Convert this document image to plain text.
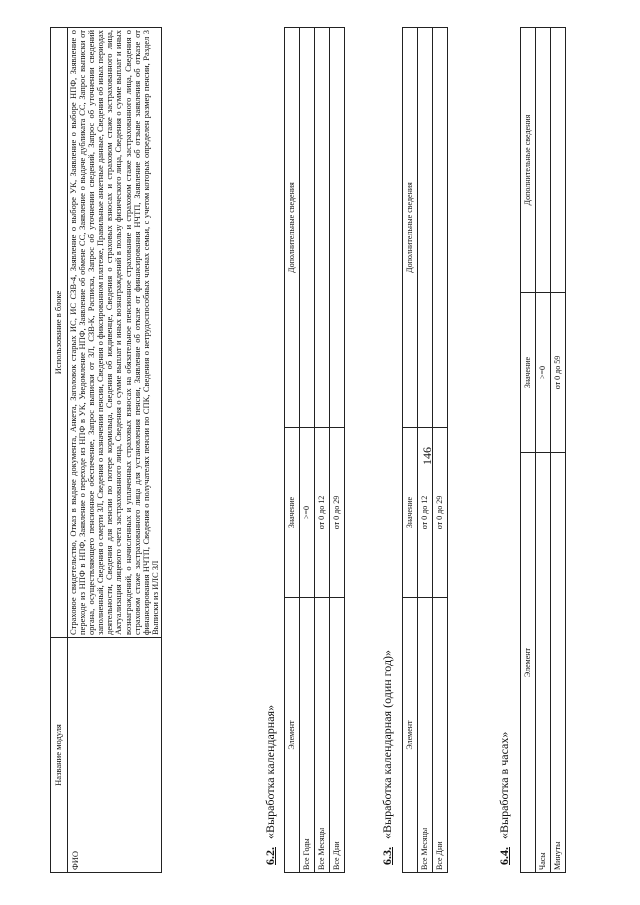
146
Название модуля	Использование в блоке
ФИО	Страховое свидетельство, Отказ в выдаче документа, Анкета, Заголовок старых ИС, ИС СЗВ-4, Заявление о выборе УК, Заявление о выборе НПФ, Заявление о переходе из НПФ в НПФ, Заявление о переходе из НПФ в УК, Уведомление НПФ, Заявление об обмене СС, Заявление о выдаче дубликата СС, Запрос выписки от органа, осуществляющего пенсионное обеспечение, Запрос выписки от ЗЛ, СЗВ-К, Расписка, Запрос об уточнении сведений, Запрос об уточнении сведений заполненный, Сведения о смерти ЗЛ, Сведения о назначении пенсии, Сведения о фиксированном платеже, Правильные анкетные данные, Сведения об иных периодах деятельности, Сведения для пенсии по потере кормильца, Сведения об иждивенце, Сведения о страховых взносах и страховом стаже застрахованного лица, Актуализация лицевого счета застрахованного лица, Сведения о сумме выплат и иных вознаграждений в пользу физического лица, Сведения о сумме выплат и иных вознаграждений, о начисленных и уплаченных страховых взносах на обязательное пенсионное страхование и страховом стаже застрахованного лица, Сведения о страховом стаже застрахованного лица для установления пенсии, Заявление об отказе от финансирования НЧТП, Заявление об отзыве заявления об отказе от финансирования НЧТП, Сведения о получателях пенсии по СПК, Сведения о нетрудоспособных членах семьи, с учетом которых определен размер пенсии, Раздел 3 Выписки из ИЛС ЗЛ
6.2.«Выработка календарная» Элемент	Значение	Дополнительные сведения
Все Годы	>=0	
Все Месяцы	от 0 до 12	
Все Дни	от 0 до 29	
6.3.«Выработка календарная (один год)» Элемент	Значение	Дополнительные сведения
Все Месяцы	от 0 до 12	
Все Дни	от 0 до 29	
6.4.«Выработка в часах»
Элемент	Значение	Дополнительные сведения
Часы	>=0	
Минуты	от 0 до 59	
